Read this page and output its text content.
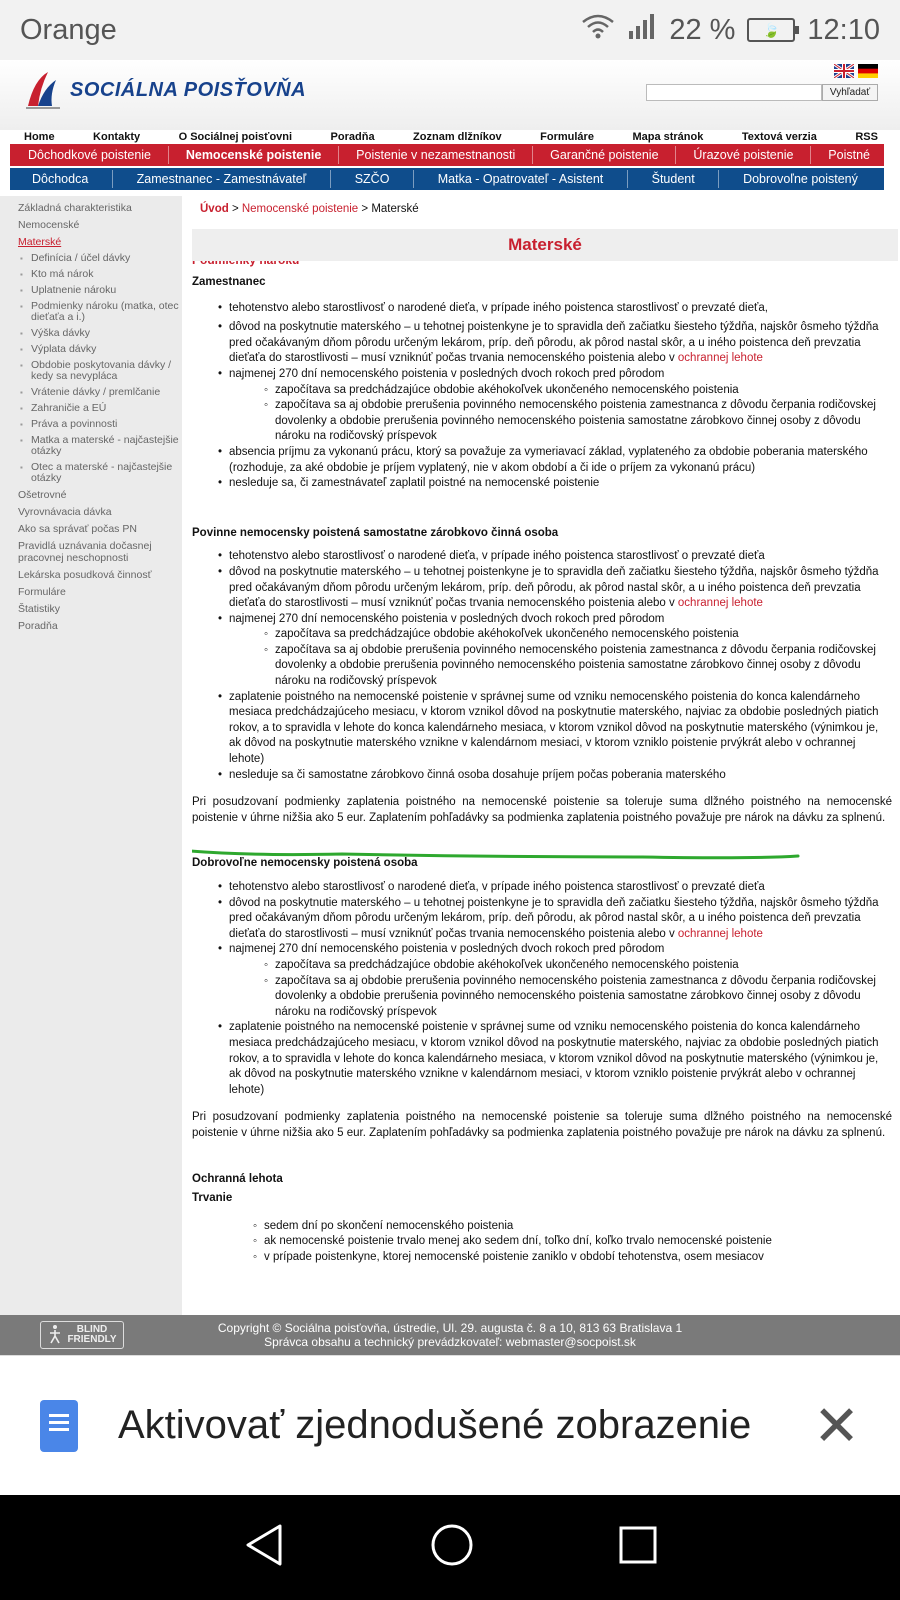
Orange	22 % 🍃 12:10
SOCIÁLNA POISŤOVŇA	Vyhľadať
Home	Kontakty	O Sociálnej poisťovni	Poradňa	Zoznam dlžníkov	Formuláre	Mapa stránok	Textová verzia	RSS
Dôchodkové poistenie	Nemocenské poistenie	Poistenie v nezamestnanosti	Garančné poistenie	Úrazové poistenie	Poistné
Dôchodca	Zamestnanec - Zamestnávateľ	SZČO	Matka - Opatrovateľ - Asistent	Študent	Dobrovoľne poistený
Základná charakteristika
Nemocenské
Materské
▪ Definícia / účel dávky
▪ Kto má nárok
▪ Uplatnenie nároku
▪ Podmienky nároku (matka, otec dieťaťa a i.)
▪ Výška dávky
▪ Výplata dávky
▪ Obdobie poskytovania dávky / kedy sa nevypláca
▪ Vrátenie dávky / premlčanie
▪ Zahraničie a EÚ
▪ Práva a povinnosti
▪ Matka a materské - najčastejšie otázky
▪ Otec a materské - najčastejšie otázky
Ošetrovné
Vyrovnávacia dávka
Ako sa správať počas PN
Pravidlá uznávania dočasnej pracovnej neschopnosti
Lekárska posudková činnosť
Formuláre
Štatistiky
Poradňa
Úvod > Nemocenské poistenie > Materské
Materské
Zamestnanec
• tehotenstvo alebo starostlivosť o narodené dieťa, v prípade iného poistenca starostlivosť o prevzaté dieťa,
• dôvod na poskytnutie materského – u tehotnej poistenkyne je to spravidla deň začiatku šiesteho týždňa, najskôr ôsmeho týždňa pred očakávaným dňom pôrodu určeným lekárom, príp. deň pôrodu, ak pôrod nastal skôr, a u iného poistenca deň prevzatia dieťaťa do starostlivosti – musí vzniknúť počas trvania nemocenského poistenia alebo v ochrannej lehote
• najmenej 270 dní nemocenského poistenia v posledných dvoch rokoch pred pôrodom
◦ započítava sa predchádzajúce obdobie akéhokoľvek ukončeného nemocenského poistenia
◦ započítava sa aj obdobie prerušenia povinného nemocenského poistenia zamestnanca z dôvodu čerpania rodičovskej dovolenky a obdobie prerušenia povinného nemocenského poistenia samostatne zárobkovo činnej osoby z dôvodu nároku na rodičovský príspevok
• absencia príjmu za vykonanú prácu, ktorý sa považuje za vymeriavací základ, vyplateného za obdobie poberania materského (rozhoduje, za aké obdobie je príjem vyplatený, nie v akom období a či ide o príjem za vykonanú prácu)
• nesleduje sa, či zamestnávateľ zaplatil poistné na nemocenské poistenie
Povinne nemocensky poistená samostatne zárobkovo činná osoba
• tehotenstvo alebo starostlivosť o narodené dieťa, v prípade iného poistenca starostlivosť o prevzaté dieťa
• dôvod na poskytnutie materského – u tehotnej poistenkyne je to spravidla deň začiatku šiesteho týždňa, najskôr ôsmeho týždňa pred očakávaným dňom pôrodu určeným lekárom, príp. deň pôrodu, ak pôrod nastal skôr, a u iného poistenca deň prevzatia dieťaťa do starostlivosti – musí vzniknúť počas trvania nemocenského poistenia alebo v ochrannej lehote
• najmenej 270 dní nemocenského poistenia v posledných dvoch rokoch pred pôrodom
◦ započítava sa predchádzajúce obdobie akéhokoľvek ukončeného nemocenského poistenia
◦ započítava sa aj obdobie prerušenia povinného nemocenského poistenia zamestnanca z dôvodu čerpania rodičovskej dovolenky a obdobie prerušenia povinného nemocenského poistenia samostatne zárobkovo činnej osoby z dôvodu nároku na rodičovský príspevok
• zaplatenie poistného na nemocenské poistenie v správnej sume od vzniku nemocenského poistenia do konca kalendárneho mesiaca predchádzajúceho mesiacu, v ktorom vznikol dôvod na poskytnutie materského, najviac za obdobie posledných piatich rokov, a to spravidla v lehote do konca kalendárneho mesiaca, v ktorom vznikol dôvod na poskytnutie materského (výnimkou je, ak dôvod na poskytnutie materského vznikne v kalendárnom mesiaci, v ktorom vzniklo poistenie prvýkrát alebo v ochrannej lehote)
• nesleduje sa či samostatne zárobkovo činná osoba dosahuje príjem počas poberania materského

Pri posudzovaní podmienky zaplatenia poistného na nemocenské poistenie sa toleruje suma dlžného poistného na nemocenské poistenie v úhrne nižšia ako 5 eur. Zaplatením pohľadávky sa podmienka zaplatenia poistného považuje pre nárok na dávku za splnenú.

Dobrovoľne nemocensky poistená osoba
• tehotenstvo alebo starostlivosť o narodené dieťa, v prípade iného poistenca starostlivosť o prevzaté dieťa
• dôvod na poskytnutie materského – u tehotnej poistenkyne je to spravidla deň začiatku šiesteho týždňa, najskôr ôsmeho týždňa pred očakávaným dňom pôrodu určeným lekárom, príp. deň pôrodu, ak pôrod nastal skôr, a u iného poistenca deň prevzatia dieťaťa do starostlivosti – musí vzniknúť počas trvania nemocenského poistenia alebo v ochrannej lehote
• najmenej 270 dní nemocenského poistenia v posledných dvoch rokoch pred pôrodom
◦ započítava sa predchádzajúce obdobie akéhokoľvek ukončeného nemocenského poistenia
◦ započítava sa aj obdobie prerušenia povinného nemocenského poistenia zamestnanca z dôvodu čerpania rodičovskej dovolenky a obdobie prerušenia povinného nemocenského poistenia samostatne zárobkovo činnej osoby z dôvodu nároku na rodičovský príspevok
• zaplatenie poistného na nemocenské poistenie v správnej sume od vzniku nemocenského poistenia do konca kalendárneho mesiaca predchádzajúceho mesiacu, v ktorom vznikol dôvod na poskytnutie materského, najviac za obdobie posledných piatich rokov, a to spravidla v lehote do konca kalendárneho mesiaca, v ktorom vznikol dôvod na poskytnutie materského (výnimkou je, ak dôvod na poskytnutie materského vznikne v kalendárnom mesiaci, v ktorom vzniklo poistenie prvýkrát alebo v ochrannej lehote)

Pri posudzovaní podmienky zaplatenia poistného na nemocenské poistenie sa toleruje suma dlžného poistného na nemocenské poistenie v úhrne nižšia ako 5 eur. Zaplatením pohľadávky sa podmienka zaplatenia poistného považuje pre nárok na dávku za splnenú.

Ochranná lehota
Trvanie
◦ sedem dní po skončení nemocenského poistenia
◦ ak nemocenské poistenie trvalo menej ako sedem dní, toľko dní, koľko trvalo nemocenské poistenie
◦ v prípade poistenkyne, ktorej nemocenské poistenie zaniklo v období tehotenstva, osem mesiacov
BLIND FRIENDLY
Copyright © Sociálna poisťovňa, ústredie, Ul. 29. augusta č. 8 a 10, 813 63 Bratislava 1
Správca obsahu a technický prevádzkovateľ: webmaster@socpoist.sk
Aktivovať zjednodušené zobrazenie ✕
